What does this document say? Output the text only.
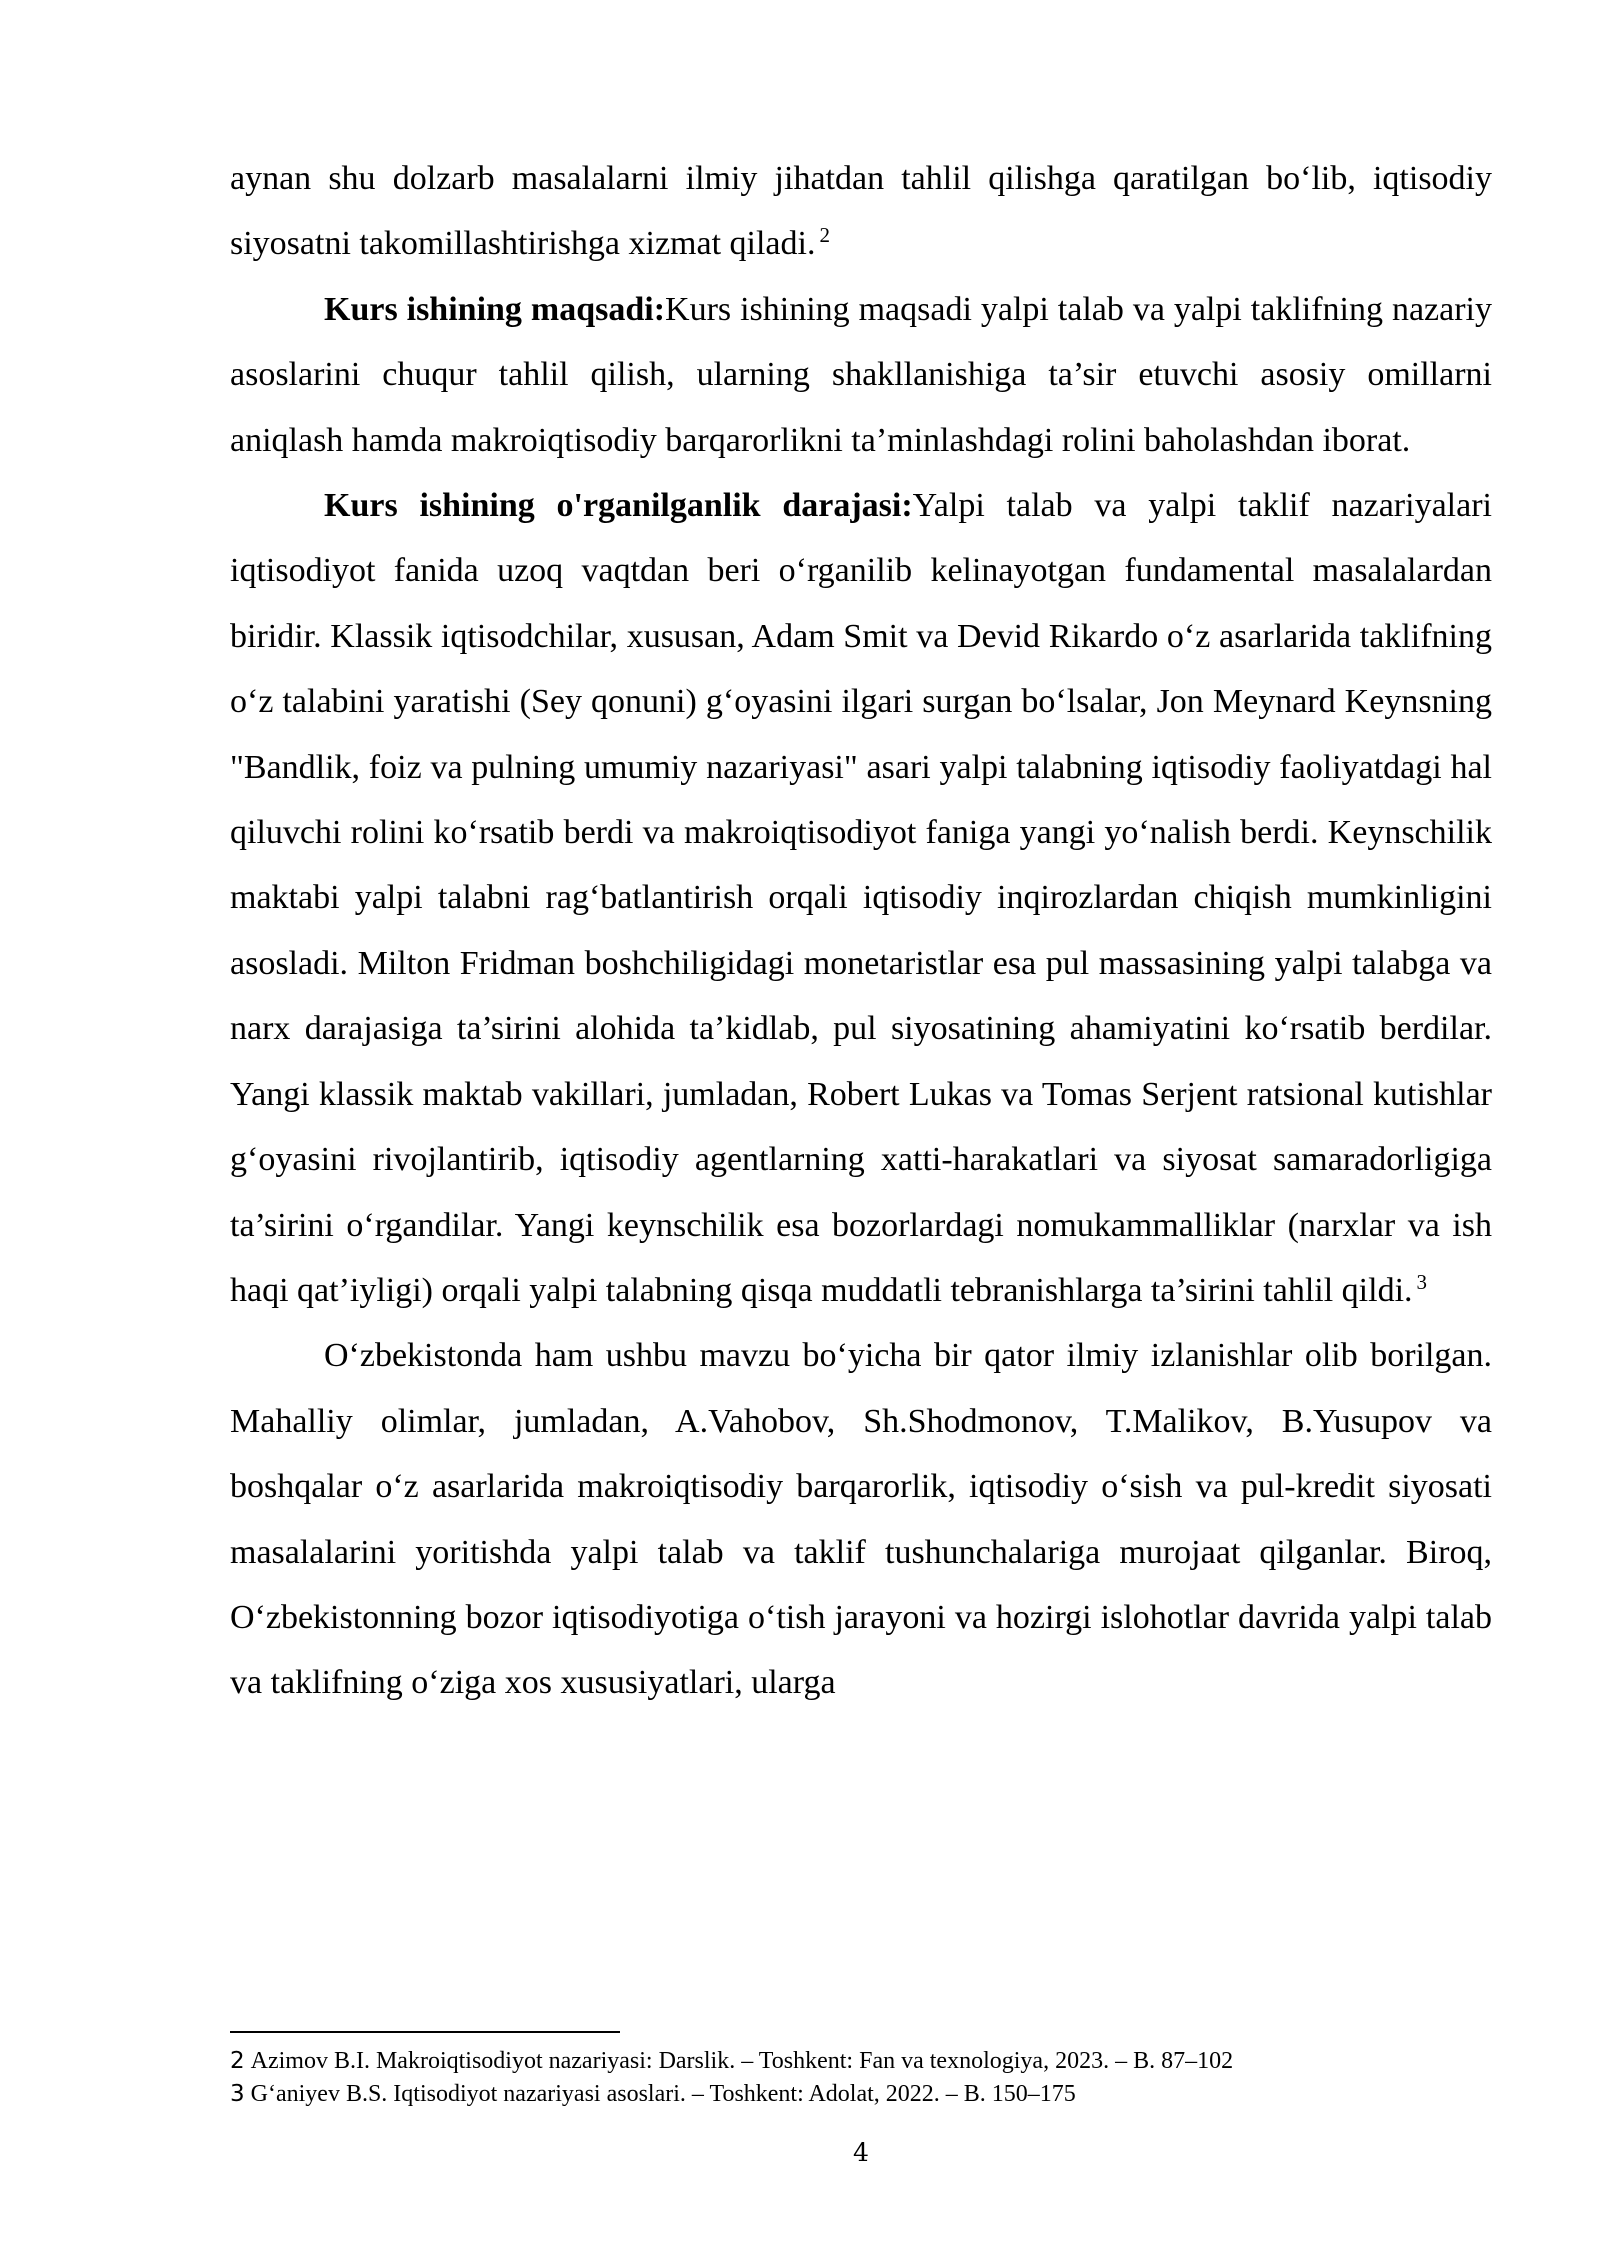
aynan shu dolzarb masalalarni ilmiy jihatdan tahlil qilishga qaratilgan boʻlib, iqtisodiy siyosatni takomillashtirishga xizmat qiladi. $^2$

Kurs ishining maqsadi:Kurs ishining maqsadi yalpi talab va yalpi taklifning nazariy asoslarini chuqur tahlil qilish, ularning shakllanishiga ta’sir etuvchi asosiy omillarni aniqlash hamda makroiqtisodiy barqarorlikni ta’minlashdagi rolini baholashdan iborat.

Kurs ishining o'rganilganlik darajasi:Yalpi talab va yalpi taklif nazariyalari iqtisodiyot fanida uzoq vaqtdan beri oʻrganilib kelinayotgan fundamental masalalardan biridir. Klassik iqtisodchilar, xususan, Adam Smit va Devid Rikardo oʻz asarlarida taklifning oʻz talabini yaratishi (Sey qonuni) gʻoyasini ilgari surgan boʻlsalar, Jon Meynard Keynsning "Bandlik, foiz va pulning umumiy nazariyasi" asari yalpi talabning iqtisodiy faoliyatdagi hal qiluvchi rolini koʻrsatib berdi va makroiqtisodiyot faniga yangi yoʻnalish berdi. Keynschilik maktabi yalpi talabni ragʻbatlantirish orqali iqtisodiy inqirozlardan chiqish mumkinligini asosladi. Milton Fridman boshchiligidagi monetaristlar esa pul massasining yalpi talabga va narx darajasiga ta’sirini alohida ta’kidlab, pul siyosatining ahamiyatini koʻrsatib berdilar. Yangi klassik maktab vakillari, jumladan, Robert Lukas va Tomas Serjent ratsional kutishlar gʻoyasini rivojlantirib, iqtisodiy agentlarning xatti-harakatlari va siyosat samaradorligiga ta’sirini oʻrgandilar. Yangi keynschilik esa bozorlardagi nomukammalliklar (narxlar va ish haqi qat’iyligi) orqali yalpi talabning qisqa muddatli tebranishlarga ta’sirini tahlil qildi. $^3$

Oʻzbekistonda ham ushbu mavzu boʻyicha bir qator ilmiy izlanishlar olib borilgan. Mahalliy olimlar, jumladan, A.Vahobov, Sh.Shodmonov, T.Malikov, B.Yusupov va boshqalar oʻz asarlarida makroiqtisodiy barqarorlik, iqtisodiy oʻsish va pul-kredit siyosati masalalarini yoritishda yalpi talab va taklif tushunchalariga murojaat qilganlar. Biroq, Oʻzbekistonning bozor iqtisodiyotiga oʻtish jarayoni va hozirgi islohotlar davrida yalpi talab va taklifning oʻziga xos xususiyatlari, ularga

2 Azimov B.I. Makroiqtisodiyot nazariyasi: Darslik. – Toshkent: Fan va texnologiya, 2023. – B. 87–102
3 Gʻaniyev B.S. Iqtisodiyot nazariyasi asoslari. – Toshkent: Adolat, 2022. – B. 150–175
4
